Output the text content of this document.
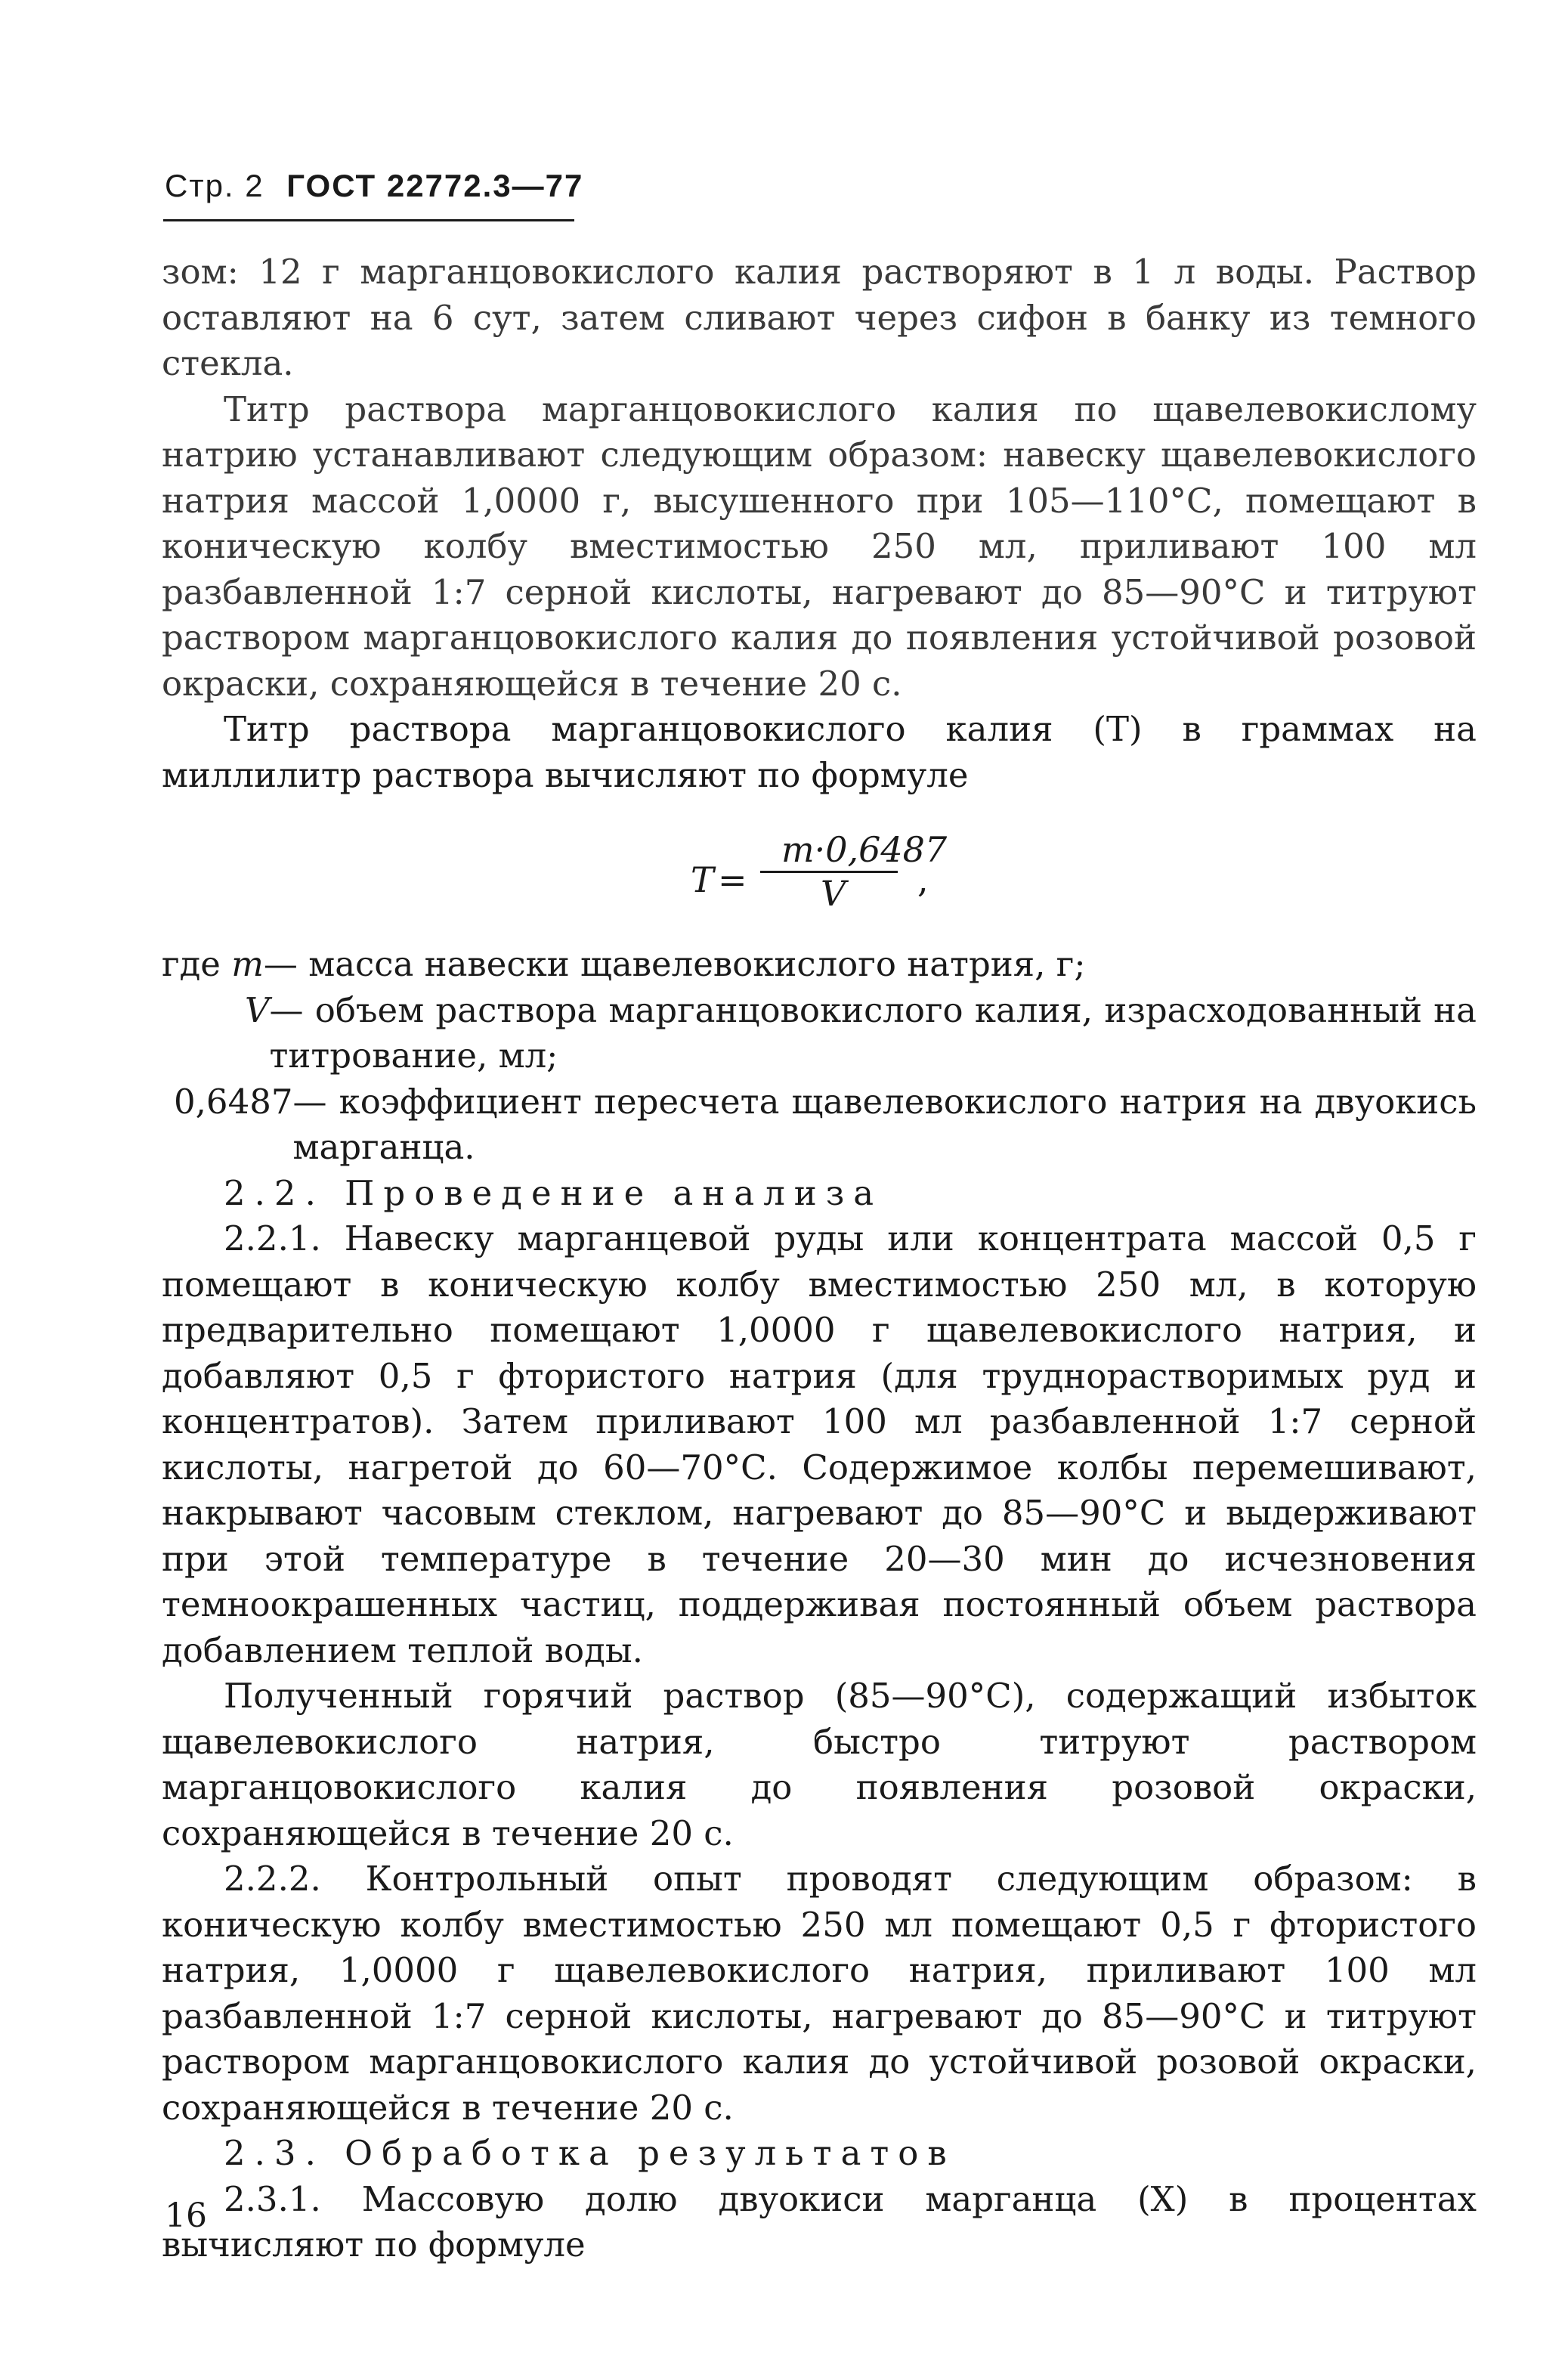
Стр. 2 ГОСТ 22772.3—77

зом: 12 г марганцовокислого калия растворяют в 1 л воды. Раствор оставляют на 6 сут, затем сливают через сифон в банку из темного стекла.

Титр раствора марганцовокислого калия по щавелевокислому натрию устанавливают следующим образом: навеску щавелевокислого натрия массой 1,0000 г, высушенного при 105—110°С, помещают в коническую колбу вместимостью 250 мл, приливают 100 мл разбавленной 1:7 серной кислоты, нагревают до 85—90°С и титруют раствором марганцовокислого калия до появления устойчивой розовой окраски, сохраняющейся в течение 20 с.

Титр раствора марганцовокислого калия (Т) в граммах на миллилитр раствора вычисляют по формуле

T =
m·0,6487
V ,
где m — масса навески щавелевокислого натрия, г;
V — объем раствора марганцовокислого калия, израсходованный на титрование, мл;
0,6487 — коэффициент пересчета щавелевокислого натрия на двуокись марганца.

2.2. Проведение анализа

2.2.1. Навеску марганцевой руды или концентрата массой 0,5 г помещают в коническую колбу вместимостью 250 мл, в которую предварительно помещают 1,0000 г щавелевокислого натрия, и добавляют 0,5 г фтористого натрия (для труднорастворимых руд и концентратов). Затем приливают 100 мл разбавленной 1:7 серной кислоты, нагретой до 60—70°С. Содержимое колбы перемешивают, накрывают часовым стеклом, нагревают до 85—90°С и выдерживают при этой температуре в течение 20—30 мин до исчезновения темноокрашенных частиц, поддерживая постоянный объем раствора добавлением теплой воды.

Полученный горячий раствор (85—90°С), содержащий избыток щавелевокислого натрия, быстро титруют раствором марганцовокислого калия до появления розовой окраски, сохраняющейся в течение 20 с.

2.2.2. Контрольный опыт проводят следующим образом: в коническую колбу вместимостью 250 мл помещают 0,5 г фтористого натрия, 1,0000 г щавелевокислого натрия, приливают 100 мл разбавленной 1:7 серной кислоты, нагревают до 85—90°С и титруют раствором марганцовокислого калия до устойчивой розовой окраски, сохраняющейся в течение 20 с.

2.3. Обработка результатов

2.3.1. Массовую долю двуокиси марганца (X) в процентах вычисляют по формуле

16
